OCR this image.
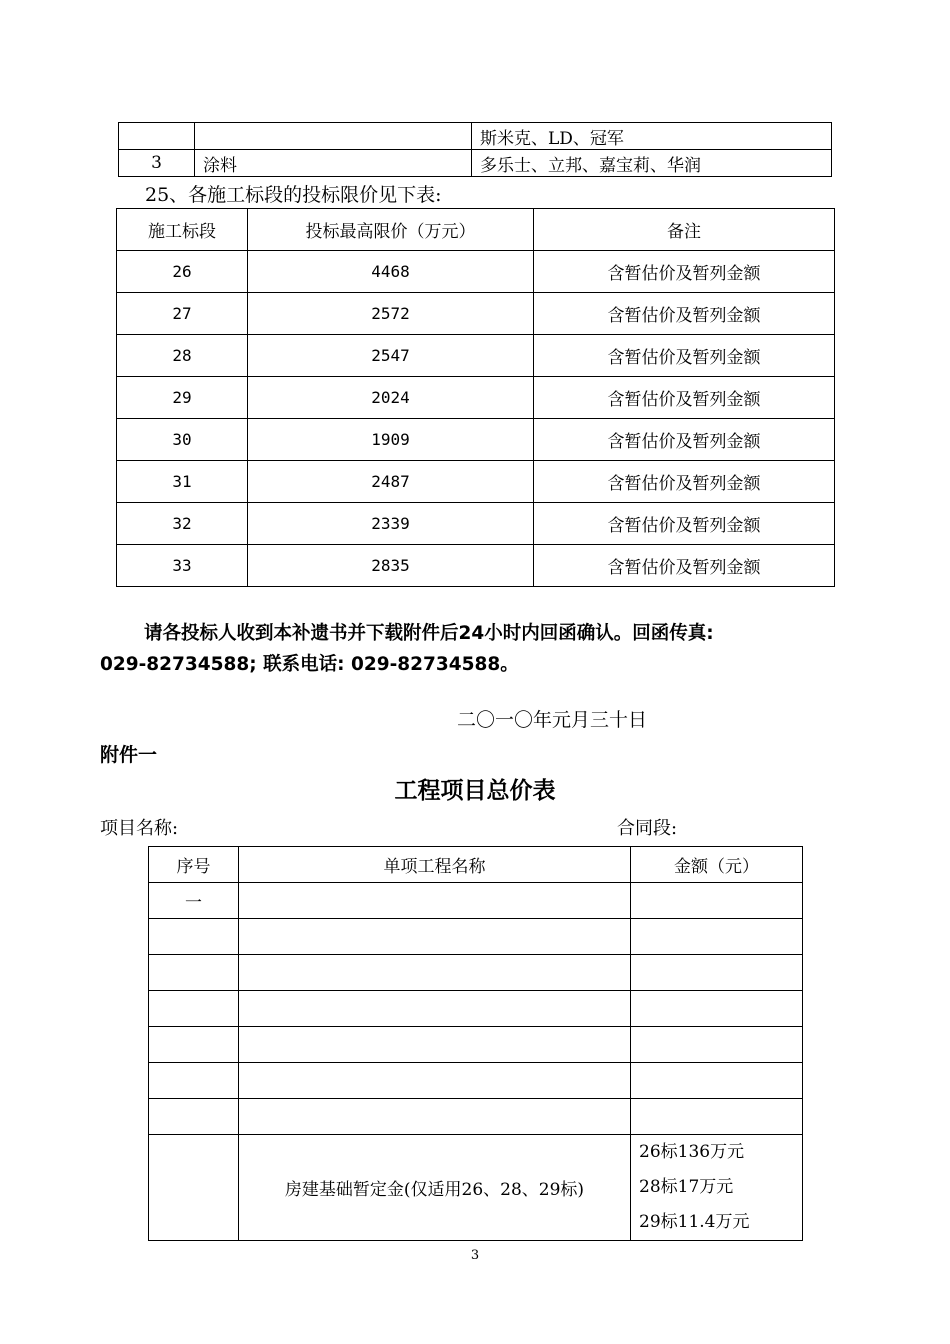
		斯米克、LD、冠军
3	涂料	多乐士、立邦、嘉宝莉、华润
25、各施工标段的投标限价见下表:
施工标段	投标最高限价（万元）	备注
26	4468	含暂估价及暂列金额
27	2572	含暂估价及暂列金额
28	2547	含暂估价及暂列金额
29	2024	含暂估价及暂列金额
30	1909	含暂估价及暂列金额
31	2487	含暂估价及暂列金额
32	2339	含暂估价及暂列金额
33	2835	含暂估价及暂列金额
请各投标人收到本补遗书并下载附件后24小时内回函确认。回函传真:
029-82734588; 联系电话: 029-82734588。
二〇一〇年元月三十日
附件一
工程项目总价表
项目名称:	合同段:
序号	单项工程名称	金额（元）
一		

	房建基础暂定金(仅适用26、28、29标)	26标136万元
28标17万元
29标11.4万元
3
